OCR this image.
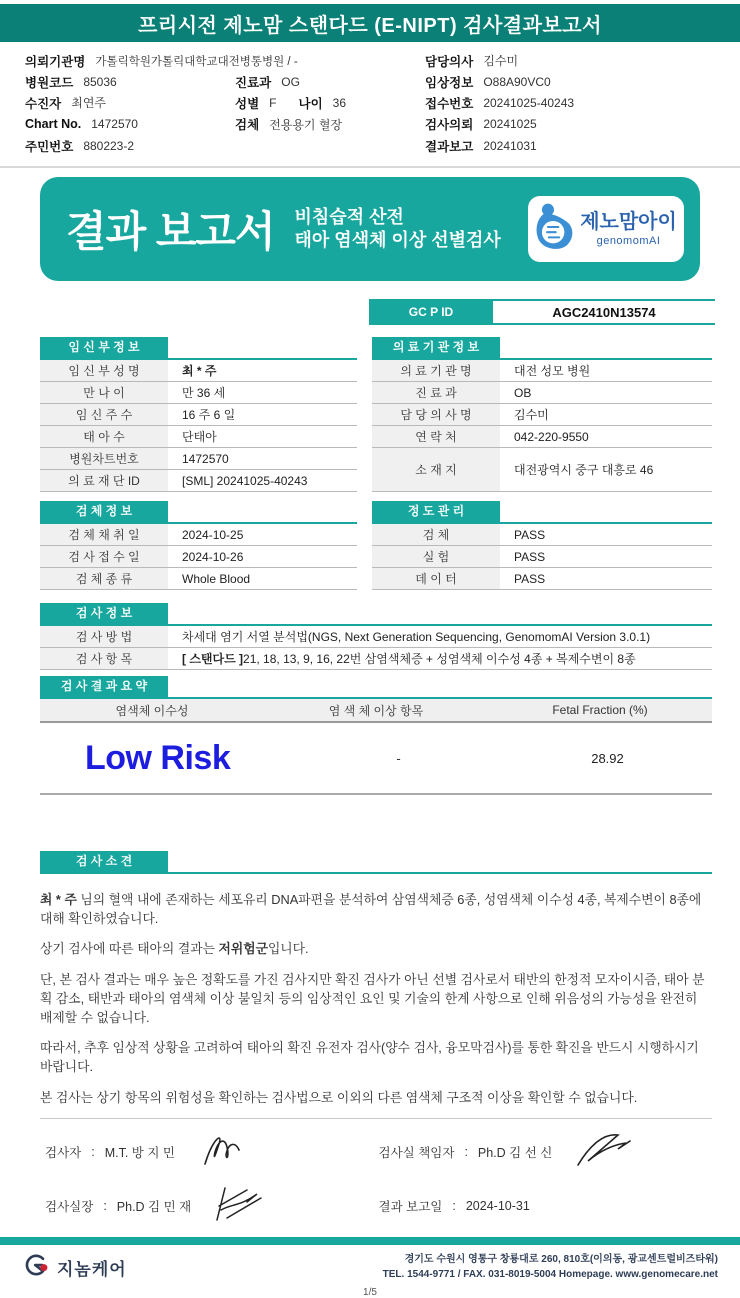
프리시전 제노맘 스탠다드 (E-NIPT) 검사결과보고서
의뢰기관명 가톨릭학원가톨릭대학교대전병통병원 / -	담당의사 김수미
병원코드 85036	진료과 OG	임상정보 O88A90VC0
수진자 최연주	성별 F 나이 36	접수번호 20241025-40243
Chart No. 1472570	검체 전용용기 혈장	검사의뢰 20241025
주민번호 880223-2	결과보고 20241031
결과 보고서 비침습적 산전
태아 염색체 이상 선별검사
제노맘아이
genomomAI
GC P ID	AGC2410N13574
임 신 부 정 보
임 신 부 성 명	최 * 주
만 나 이	만 36 세
임 신 주 수	16 주 6 일
태 아 수	단태아
병원차트번호	1472570
의 료 재 단 ID	[SML] 20241025-40243
의 료 기 관 정 보
의 료 기 관 명	대전 성모 병원
진 료 과	OB
담 당 의 사 명	김수미
연 락 처	042-220-9550
소 재 지	대전광역시 중구 대흥로 46
검 체 정 보
검 체 채 취 일	2024-10-25
검 사 접 수 일	2024-10-26
검 체 종 류	Whole Blood
정 도 관 리
검 체	PASS
실 험	PASS
데 이 터	PASS
검 사 정 보
검 사 방 법	차세대 염기 서열 분석법(NGS, Next Generation Sequencing, GenomomAI Version 3.0.1)
검 사 항 목	[ 스탠다드 ] 21, 18, 13, 9, 16, 22번 삼염색체증 + 성염색체 이수성 4종 + 복제수변이 8종
검 사 결 과 요 약
염색체 이수성	염 색 체 이상 항목	Fetal Fraction (%)
Low Risk	-	28.92
검 사 소 견

최 * 주 님의 혈액 내에 존재하는 세포유리 DNA파편을 분석하여 삼염색체증 6종, 성염색체 이수성 4종, 복제수변이 8종에 대해 확인하였습니다.

상기 검사에 따른 태아의 결과는 저위험군입니다.

단, 본 검사 결과는 매우 높은 정확도를 가진 검사지만 확진 검사가 아닌 선별 검사로서 태반의 한정적 모자이시즘, 태아 분획 감소, 태반과 태아의 염색체 이상 불일치 등의 임상적인 요인 및 기술의 한계 사항으로 인해 위음성의 가능성을 완전히 배제할 수 없습니다.

따라서, 추후 임상적 상황을 고려하여 태아의 확진 유전자 검사(양수 검사, 융모막검사)를 통한 확진을 반드시 시행하시기 바랍니다.

본 검사는 상기 항목의 위험성을 확인하는 검사법으로 이외의 다른 염색체 구조적 이상을 확인할 수 없습니다.

검사자 : M.T. 방 지 민	검사실 책임자 : Ph.D 김 선 신
검사실장 : Ph.D 김 민 재	결과 보고일 : 2024-10-31
지놈케어
경기도 수원시 영통구 창룡대로 260, 810호(이의동, 광교센트럴비즈타워)
TEL. 1544-9771 / FAX. 031-8019-5004 Homepage. www.genomecare.net
1/5
